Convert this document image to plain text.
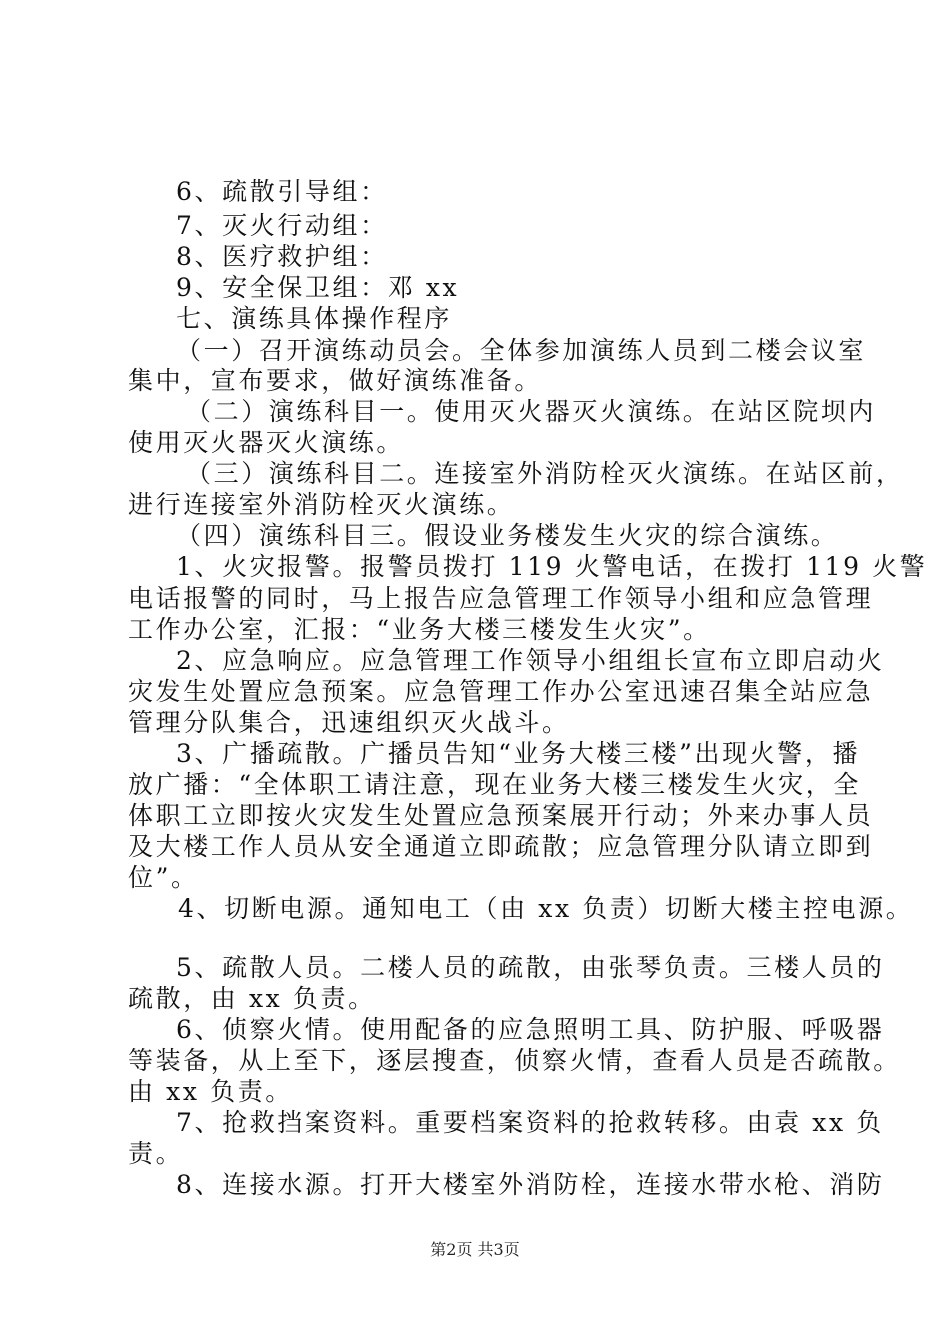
6、疏散引导组：
7、灭火行动组：
8、医疗救护组：
9、安全保卫组：邓 xx
七、演练具体操作程序
（一）召开演练动员会。全体参加演练人员到二楼会议室
集中，宣布要求，做好演练准备。
（二）演练科目一。使用灭火器灭火演练。在站区院坝内
使用灭火器灭火演练。
（三）演练科目二。连接室外消防栓灭火演练。在站区前，
进行连接室外消防栓灭火演练。
（四）演练科目三。假设业务楼发生火灾的综合演练。
1、火灾报警。报警员拨打 119 火警电话，在拨打 119 火警
电话报警的同时，马上报告应急管理工作领导小组和应急管理
工作办公室，汇报：“业务大楼三楼发生火灾”。
2、应急响应。应急管理工作领导小组组长宣布立即启动火
灾发生处置应急预案。应急管理工作办公室迅速召集全站应急
管理分队集合，迅速组织灭火战斗。
3、广播疏散。广播员告知“业务大楼三楼”出现火警，播
放广播：“全体职工请注意，现在业务大楼三楼发生火灾，全
体职工立即按火灾发生处置应急预案展开行动；外来办事人员
及大楼工作人员从安全通道立即疏散；应急管理分队请立即到
位”。
4、切断电源。通知电工（由 xx 负责）切断大楼主控电源。
5、疏散人员。二楼人员的疏散，由张琴负责。三楼人员的
疏散，由 xx 负责。
6、侦察火情。使用配备的应急照明工具、防护服、呼吸器
等装备，从上至下，逐层搜查，侦察火情，查看人员是否疏散。
由 xx 负责。
7、抢救挡案资料。重要档案资料的抢救转移。由袁 xx 负
责。
8、连接水源。打开大楼室外消防栓，连接水带水枪、消防
第2页 共3页
